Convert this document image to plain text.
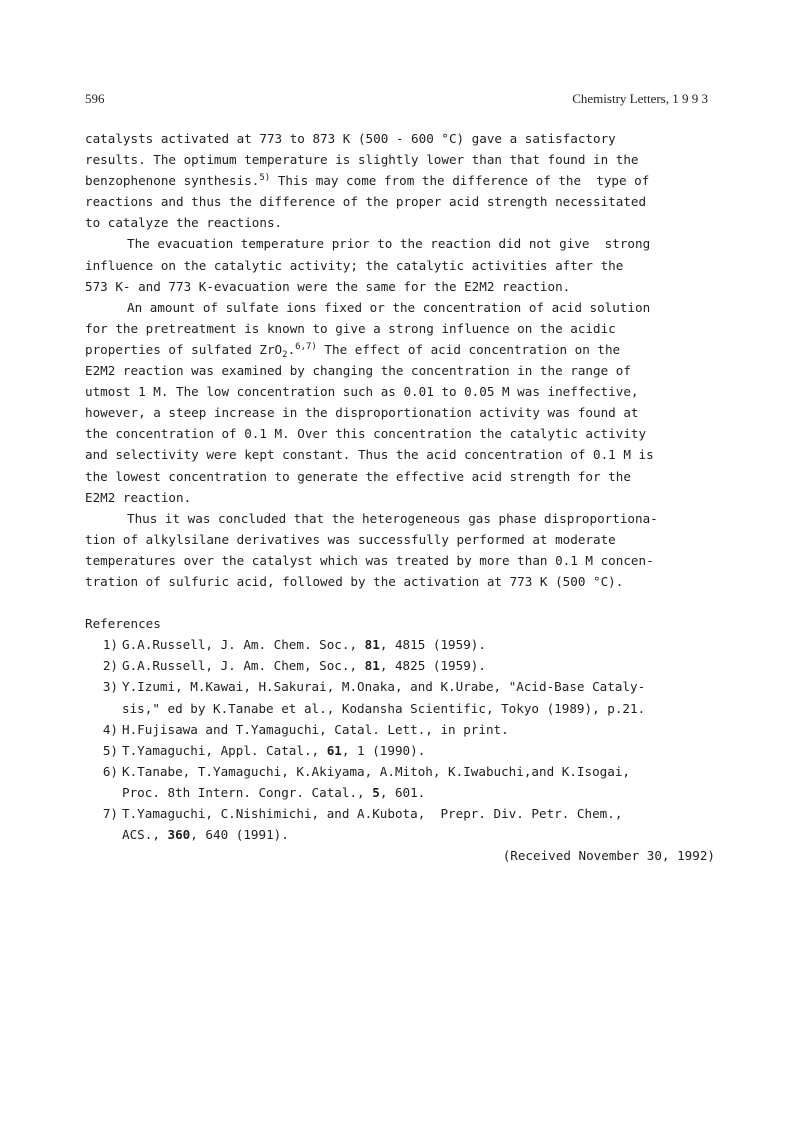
596	Chemistry Letters, 1 9 9 3
catalysts activated at 773 to 873 K (500 - 600 °C) gave a satisfactory
results. The optimum temperature is slightly lower than that found in the
benzophenone synthesis.$^{5)}$ This may come from the difference of the  type of
reactions and thus the difference of the proper acid strength necessitated
to catalyze the reactions.
The evacuation temperature prior to the reaction did not give  strong
influence on the catalytic activity; the catalytic activities after the
573 K- and 773 K-evacuation were the same for the E2M2 reaction.
An amount of sulfate ions fixed or the concentration of acid solution
for the pretreatment is known to give a strong influence on the acidic
properties of sulfated ZrO$_2$.$^{6,7)}$ The effect of acid concentration on the
E2M2 reaction was examined by changing the concentration in the range of
utmost 1 M. The low concentration such as 0.01 to 0.05 M was ineffective,
however, a steep increase in the disproportionation activity was found at
the concentration of 0.1 M. Over this concentration the catalytic activity
and selectivity were kept constant. Thus the acid concentration of 0.1 M is
the lowest concentration to generate the effective acid strength for the
E2M2 reaction.
Thus it was concluded that the heterogeneous gas phase disproportiona-
tion of alkylsilane derivatives was successfully performed at moderate
temperatures over the catalyst which was treated by more than 0.1 M concen-
tration of sulfuric acid, followed by the activation at 773 K (500 °C).
References
1) G.A.Russell, J. Am. Chem. Soc., 81, 4815 (1959).
2) G.A.Russell, J. Am. Chem, Soc., 81, 4825 (1959).
3) Y.Izumi, M.Kawai, H.Sakurai, M.Onaka, and K.Urabe, "Acid-Base Cataly-
sis," ed by K.Tanabe et al., Kodansha Scientific, Tokyo (1989), p.21.
4) H.Fujisawa and T.Yamaguchi, Catal. Lett., in print.
5) T.Yamaguchi, Appl. Catal., 61, 1 (1990).
6) K.Tanabe, T.Yamaguchi, K.Akiyama, A.Mitoh, K.Iwabuchi,and K.Isogai,
Proc. 8th Intern. Congr. Catal., 5, 601.
7) T.Yamaguchi, C.Nishimichi, and A.Kubota,  Prepr. Div. Petr. Chem.,
ACS., 360, 640 (1991).
(Received November 30, 1992)
